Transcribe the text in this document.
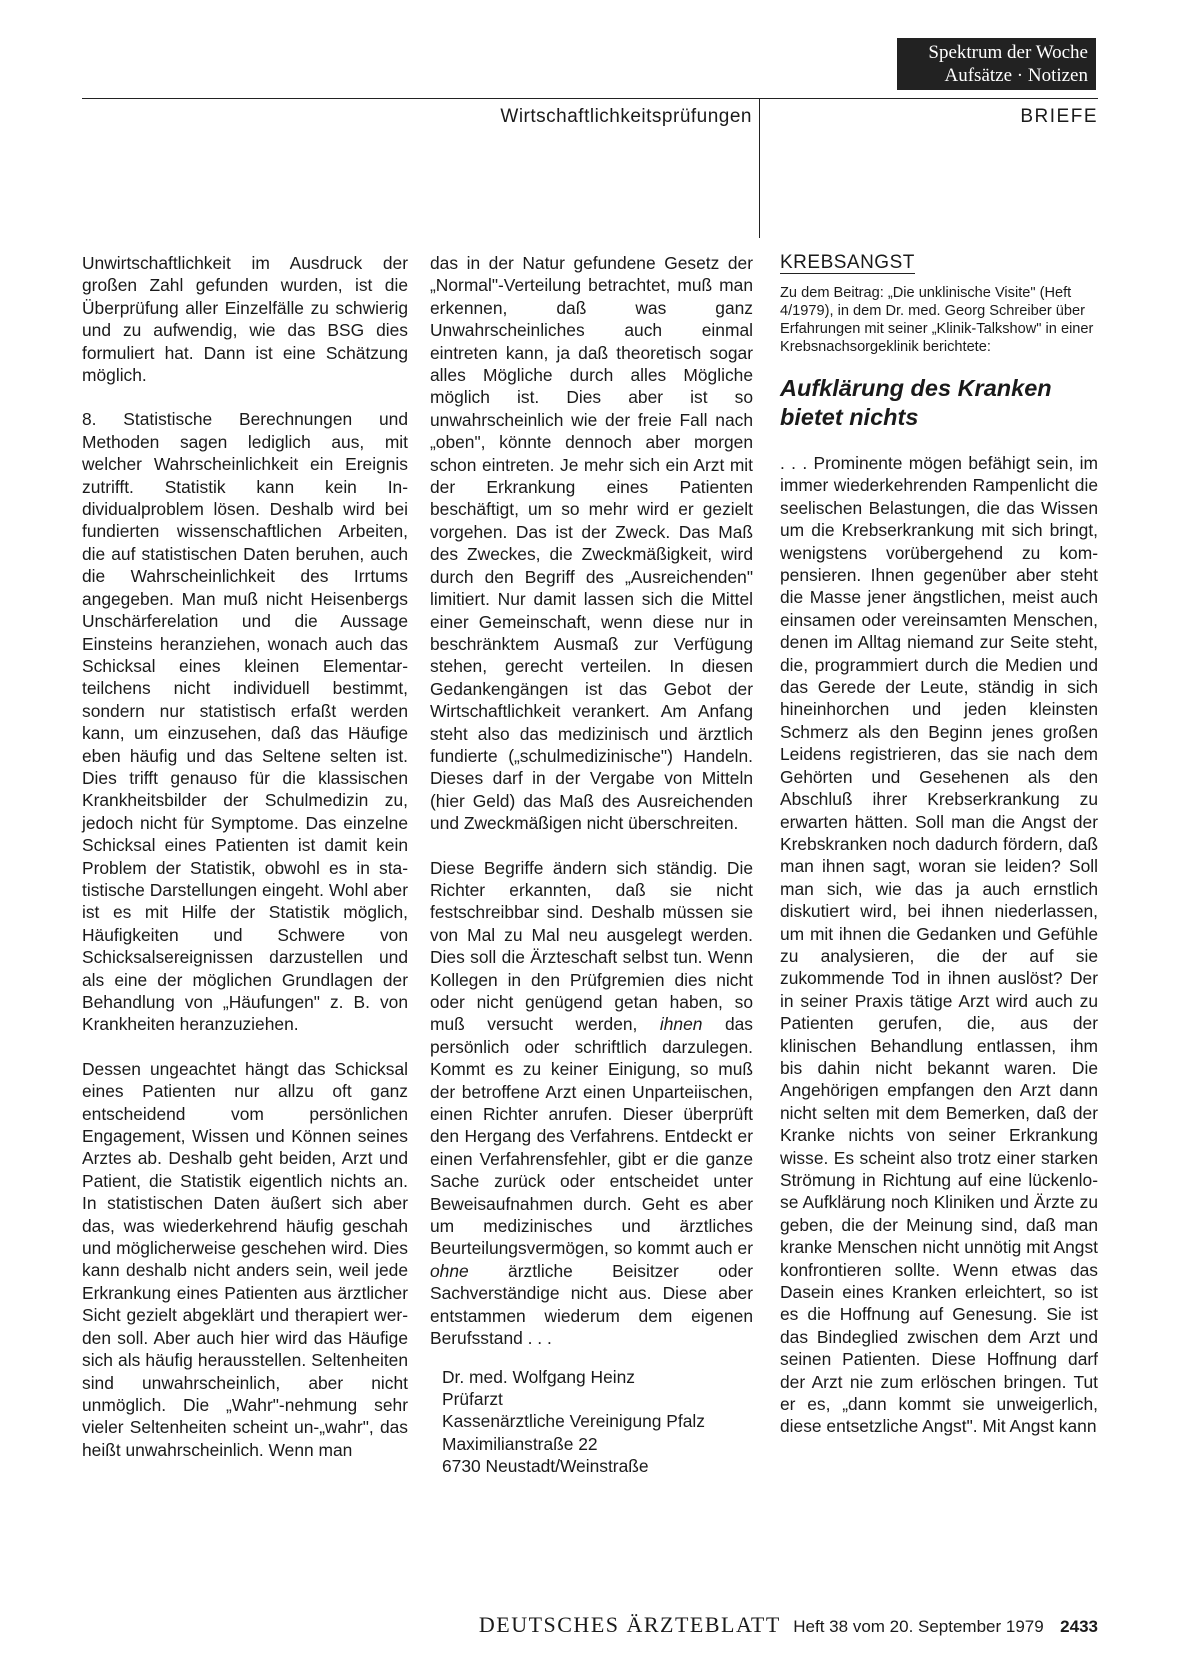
Spektrum der Woche
Aufsätze · Notizen
Wirtschaftlichkeitsprüfungen	BRIEFE

Unwirtschaftlichkeit im Ausdruck der großen Zahl gefunden wurden, ist die Überprüfung aller Einzelfälle zu schwierig und zu aufwendig, wie das BSG dies formuliert hat. Dann ist eine Schätzung möglich.

8. Statistische Berechnungen und Methoden sagen lediglich aus, mit welcher Wahrscheinlichkeit ein Ereignis zutrifft. Statistik kann kein Individualproblem lösen. Deshalb wird bei fundierten wissenschaftlichen Arbeiten, die auf statistischen Daten beruhen, auch die Wahrscheinlichkeit des Irrtums angegeben. Man muß nicht Heisenbergs Unschärferelation und die Aussage Einsteins heranziehen, wonach auch das Schicksal eines kleinen Elementarteilchens nicht individuell bestimmt, sondern nur statistisch erfaßt werden kann, um einzusehen, daß das Häufige eben häufig und das Seltene selten ist. Dies trifft genauso für die klassischen Krankheitsbilder der Schulmedizin zu, jedoch nicht für Symptome. Das einzelne Schicksal eines Patienten ist damit kein Problem der Statistik, obwohl es in statistische Darstellungen eingeht. Wohl aber ist es mit Hilfe der Statistik möglich, Häufigkeiten und Schwere von Schicksalsereignissen darzustellen und als eine der möglichen Grundlagen der Behandlung von „Häufungen" z. B. von Krankheiten heranzuziehen.

Dessen ungeachtet hängt das Schicksal eines Patienten nur allzu oft ganz entscheidend vom persönlichen Engagement, Wissen und Können seines Arztes ab. Deshalb geht beiden, Arzt und Patient, die Statistik eigentlich nichts an. In statistischen Daten äußert sich aber das, was wiederkehrend häufig geschah und möglicherweise geschehen wird. Dies kann deshalb nicht anders sein, weil jede Erkrankung eines Patienten aus ärztlicher Sicht gezielt abgeklärt und therapiert werden soll. Aber auch hier wird das Häufige sich als häufig herausstellen. Seltenheiten sind unwahrscheinlich, aber nicht unmöglich. Die „Wahr"-nehmung sehr vieler Seltenheiten scheint un-„wahr", das heißt unwahrscheinlich. Wenn man

das in der Natur gefundene Gesetz der „Normal"-Verteilung betrachtet, muß man erkennen, daß was ganz Unwahrscheinliches auch einmal eintreten kann, ja daß theoretisch sogar alles Mögliche durch alles Mögliche möglich ist. Dies aber ist so unwahrscheinlich wie der freie Fall nach „oben", könnte dennoch aber morgen schon eintreten. Je mehr sich ein Arzt mit der Erkrankung eines Patienten beschäftigt, um so mehr wird er gezielt vorgehen. Das ist der Zweck. Das Maß des Zweckes, die Zweckmäßigkeit, wird durch den Begriff des „Ausreichenden" limitiert. Nur damit lassen sich die Mittel einer Gemeinschaft, wenn diese nur in beschränktem Ausmaß zur Verfügung stehen, gerecht verteilen. In diesen Gedankengängen ist das Gebot der Wirtschaftlichkeit verankert. Am Anfang steht also das medizinisch und ärztlich fundierte („schulmedizinische") Handeln. Dieses darf in der Vergabe von Mitteln (hier Geld) das Maß des Ausreichenden und Zweckmäßigen nicht überschreiten.

Diese Begriffe ändern sich ständig. Die Richter erkannten, daß sie nicht festschreibbar sind. Deshalb müssen sie von Mal zu Mal neu ausgelegt werden. Dies soll die Ärzteschaft selbst tun. Wenn Kollegen in den Prüfgremien dies nicht oder nicht genügend getan haben, so muß versucht werden, ihnen das persönlich oder schriftlich darzulegen. Kommt es zu keiner Einigung, so muß der betroffene Arzt einen Unparteiischen, einen Richter anrufen. Dieser überprüft den Hergang des Verfahrens. Entdeckt er einen Verfahrensfehler, gibt er die ganze Sache zurück oder entscheidet unter Beweisaufnahmen durch. Geht es aber um medizinisches und ärztliches Beurteilungsvermögen, so kommt auch er ohne ärztliche Beisitzer oder Sachverständige nicht aus. Diese aber entstammen wiederum dem eigenen Berufsstand . . .

Dr. med. Wolfgang Heinz
Prüfarzt
Kassenärztliche Vereinigung Pfalz
Maximilianstraße 22
6730 Neustadt/Weinstraße

KREBSANGST

Zu dem Beitrag: „Die unklinische Visite" (Heft 4/1979), in dem Dr. med. Georg Schreiber über Erfahrungen mit seiner „Klinik-Talkshow" in einer Krebsnachsorgeklinik berichtete:

Aufklärung des Kranken bietet nichts

. . . Prominente mögen befähigt sein, im immer wiederkehrenden Rampenlicht die seelischen Belastungen, die das Wissen um die Krebserkrankung mit sich bringt, wenigstens vorübergehend zu kompensieren. Ihnen gegenüber aber steht die Masse jener ängstlichen, meist auch einsamen oder vereinsamten Menschen, denen im Alltag niemand zur Seite steht, die, programmiert durch die Medien und das Gerede der Leute, ständig in sich hineinhorchen und jeden kleinsten Schmerz als den Beginn jenes großen Leidens registrieren, das sie nach dem Gehörten und Gesehenen als den Abschluß ihrer Krebserkrankung zu erwarten hätten. Soll man die Angst der Krebskranken noch dadurch fördern, daß man ihnen sagt, woran sie leiden? Soll man sich, wie das ja auch ernstlich diskutiert wird, bei ihnen niederlassen, um mit ihnen die Gedanken und Gefühle zu analysieren, die der auf sie zukommende Tod in ihnen auslöst? Der in seiner Praxis tätige Arzt wird auch zu Patienten gerufen, die, aus der klinischen Behandlung entlassen, ihm bis dahin nicht bekannt waren. Die Angehörigen empfangen den Arzt dann nicht selten mit dem Bemerken, daß der Kranke nichts von seiner Erkrankung wisse. Es scheint also trotz einer starken Strömung in Richtung auf eine lückenlose Aufklärung noch Kliniken und Ärzte zu geben, die der Meinung sind, daß man kranke Menschen nicht unnötig mit Angst konfrontieren sollte. Wenn etwas das Dasein eines Kranken erleichtert, so ist es die Hoffnung auf Genesung. Sie ist das Bindeglied zwischen dem Arzt und seinen Patienten. Diese Hoffnung darf der Arzt nie zum erlöschen bringen. Tut er es, „dann kommt sie unweigerlich, diese entsetzliche Angst". Mit Angst kann

DEUTSCHES ÄRZTEBLATT Heft 38 vom 20. September 1979 2433
